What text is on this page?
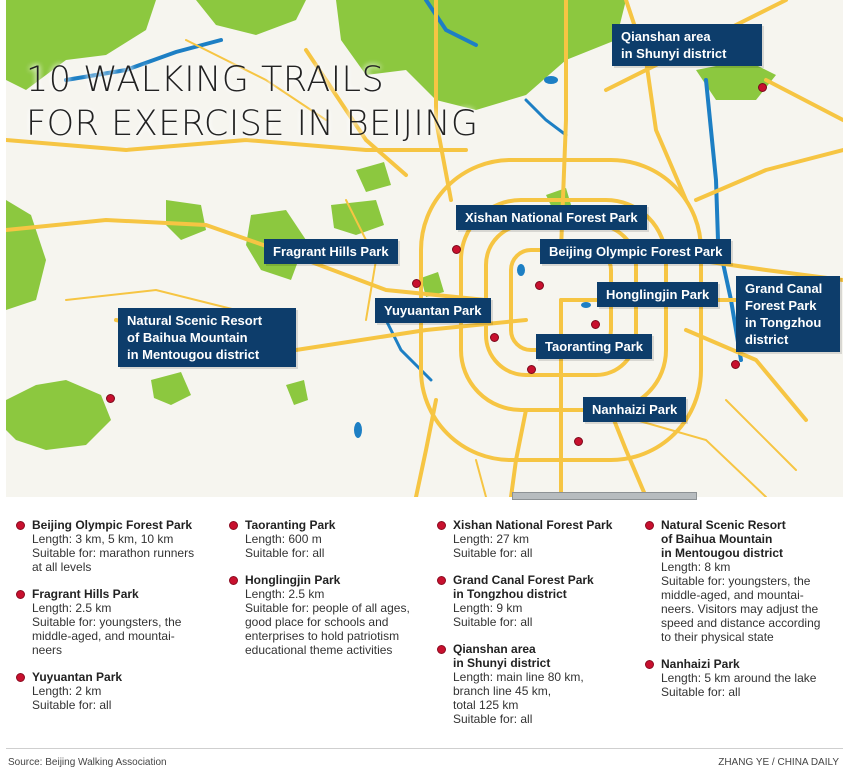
10 WALKING TRAILS
FOR EXERCISE IN BEIJING
Qianshan area
in Shunyi district
Xishan National Forest Park
Fragrant Hills Park	Beijing Olympic Forest Park
Honglingjin Park	Grand Canal
Forest Park
in Tongzhou
district
Yuyuantan Park
Natural Scenic Resort
of Baihua Mountain
in Mentougou district
Taoranting Park
Nanhaizi Park
Beijing Olympic Forest Park
Length: 3 km, 5 km, 10 km
Suitable for: marathon runners
at all levels
Fragrant Hills Park
Length: 2.5 km
Suitable for: youngsters, the
middle-aged, and mountai-
neers
Yuyuantan Park
Length: 2 km
Suitable for: all
Taoranting Park
Length: 600 m
Suitable for: all
Honglingjin Park
Length: 2.5 km
Suitable for: people of all ages,
good place for schools and
enterprises to hold patriotism
educational theme activities
Xishan National Forest Park
Length: 27 km
Suitable for: all
Grand Canal Forest Park
in Tongzhou district
Length: 9 km
Suitable for: all
Qianshan area
in Shunyi district
Length: main line 80 km,
branch line 45 km,
total 125 km
Suitable for: all
Natural Scenic Resort
of Baihua Mountain
in Mentougou district
Length: 8 km
Suitable for: youngsters, the
middle-aged, and mountai-
neers. Visitors may adjust the
speed and distance according
to their physical state
Nanhaizi Park
Length: 5 km around the lake
Suitable for: all
Source: Beijing Walking Association	ZHANG YE / CHINA DAILY
